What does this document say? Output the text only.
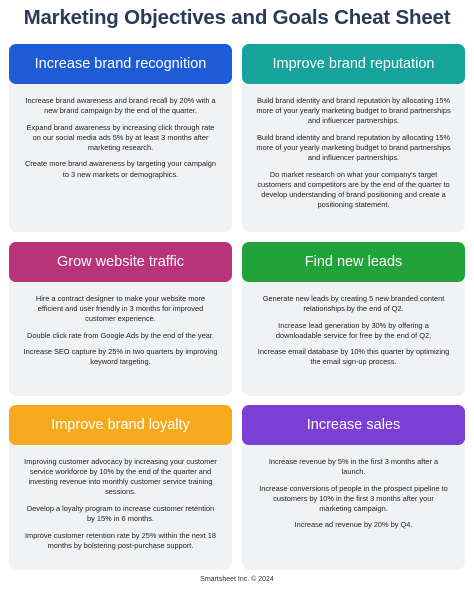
Marketing Objectives and Goals Cheat Sheet
Increase brand recognition

Increase brand awareness and brand recall by 20% with a new brand campaign by the end of the quarter.

Expand brand awareness by increasing click through rate on our social media ads 5% by at least 3 months after marketing research.

Create more brand awareness by targeting your campaign to 3 new markets or demographics.

Improve brand reputation

Build brand identity and brand reputation by allocating 15% more of your yearly marketing budget to brand partnerships and influencer partnerships.

Build brand identity and brand reputation by allocating 15% more of your yearly marketing budget to brand partnerships and influencer partnerships.

Do market research on what your company's target customers and competitors are by the end of the quarter to develop understanding of brand positioning and create a positioning statement.

Grow website traffic

Hire a contract designer to make your website more efficient and user friendly in 3 months for improved customer experience.

Double click rate from Google Ads by the end of the year.

Increase SEO capture by 25% in two quarters by improving keyword targeting.

Find new leads

Generate new leads by creating 5 new branded content relationships by the end of Q2.

Increase lead generation by 30% by offering a downloadable service for free by the end of Q2.

Increase email database by 10% this quarter by optimizing the email sign-up process.

Improve brand loyalty

Improving customer advocacy by increasing your customer service workforce by 10% by the end of the quarter and investing revenue into monthly customer service training sessions.

Develop a loyalty program to increase customer retention by 15% in 6 months.

Improve customer retention rate by 25% within the next 18 months by bolstering post-purchase support.

Increase sales

Increase revenue by 5% in the first 3 months after a launch.

Increase conversions of people in the prospect pipeline to customers by 10% in the first 3 months after your marketing campaign.

Increase ad revenue by 20% by Q4.

Smartsheet Inc. © 2024
